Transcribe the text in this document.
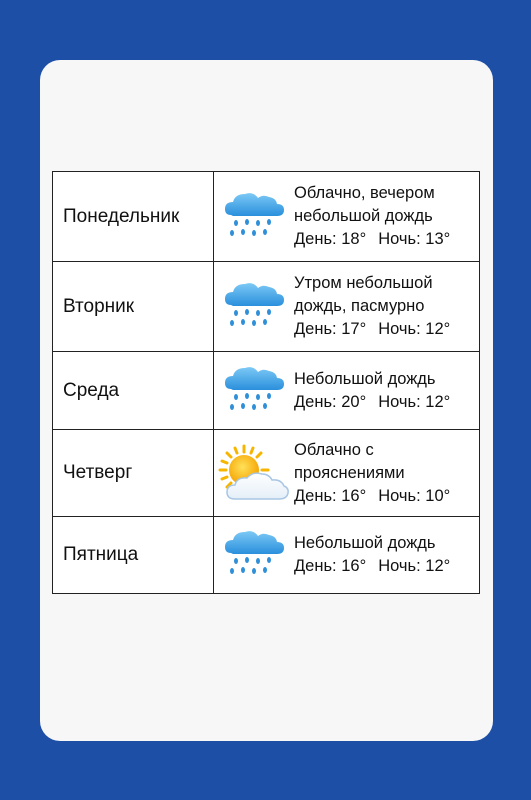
Понедельник	Облачно, вечером
небольшой дождь
День: 18° Ночь: 13°

Вторник	Утром небольшой
дождь, пасмурно
День: 17° Ночь: 12°

Среда	Небольшой дождь
День: 20° Ночь: 12°

Четверг	Облачно с
прояснениями
День: 16° Ночь: 10°

Пятница	Небольшой дождь
День: 16° Ночь: 12°
